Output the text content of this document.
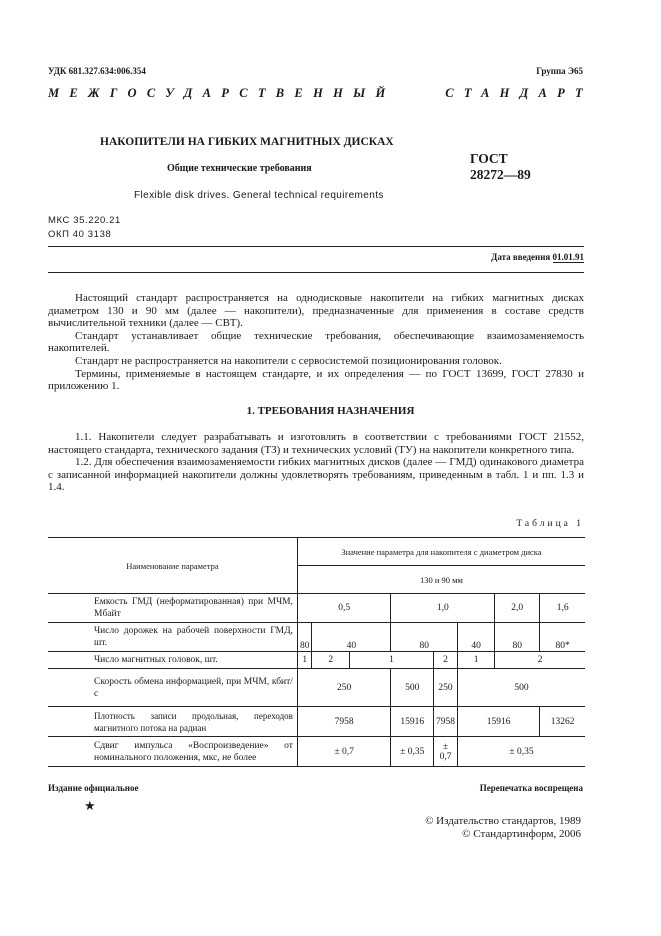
УДК 681.327.634:006.354	Группа Э65
МЕЖГОСУДАРСТВЕННЫЙ	СТАНДАРТ
НАКОПИТЕЛИ НА ГИБКИХ МАГНИТНЫХ ДИСКАХ
Общие технические требования
ГОСТ
28272—89
Flexible disk drives. General technical requirements
МКС 35.220.21
ОКП 40 3138
Дата введения 01.01.91

Настоящий стандарт распространяется на однодисковые накопители на гибких магнитных дисках диаметром 130 и 90 мм (далее — накопители), предназначенные для применения в составе средств вычислительной техники (далее — СВТ).

Стандарт устанавливает общие технические требования, обеспечивающие взаимозаменяемость накопителей.

Стандарт не распространяется на накопители с сервосистемой позиционирования головок.

Термины, применяемые в настоящем стандарте, и их определения — по ГОСТ 13699, ГОСТ 27830 и приложению 1.

1. ТРЕБОВАНИЯ НАЗНАЧЕНИЯ

1.1. Накопители следует разрабатывать и изготовлять в соответствии с требованиями ГОСТ 21552, настоящего стандарта, технического задания (ТЗ) и технических условий (ТУ) на накопители конкретного типа.

1.2. Для обеспечения взаимозаменяемости гибких магнитных дисков (далее — ГМД) одинакового диаметра с записанной информацией накопители должны удовлетворять требованиям, приведенным в табл. 1 и пп. 1.3 и 1.4.

Таблица 1
Наименование параметра	Значение параметра для накопителя с диаметром диска							
	130 и 90 мм							
Емкость ГМД (неформатированная) при МЧМ, Мбайт	0,5			1,0			2,0	1,6
Число дорожек на рабочей поверхности ГМД, шт.	80	40		80		40	80	80*
Число магнитных головок, шт.	1	2	1		2	1	2	
Скорость обмена информацией, при МЧМ, кбит/с	250			500	250	500		
Плотность записи продольная, переходов магнитного потока на радиан	7958			15916	7958	15916		13262
Сдвиг импульса «Воспроизведение» от номинального положения, мкс, не более	± 0,7			± 0,35	± 0,7	± 0,35		
Издание официальное	Перепечатка воспрещена
★
© Издательство стандартов, 1989
© Стандартинформ, 2006
